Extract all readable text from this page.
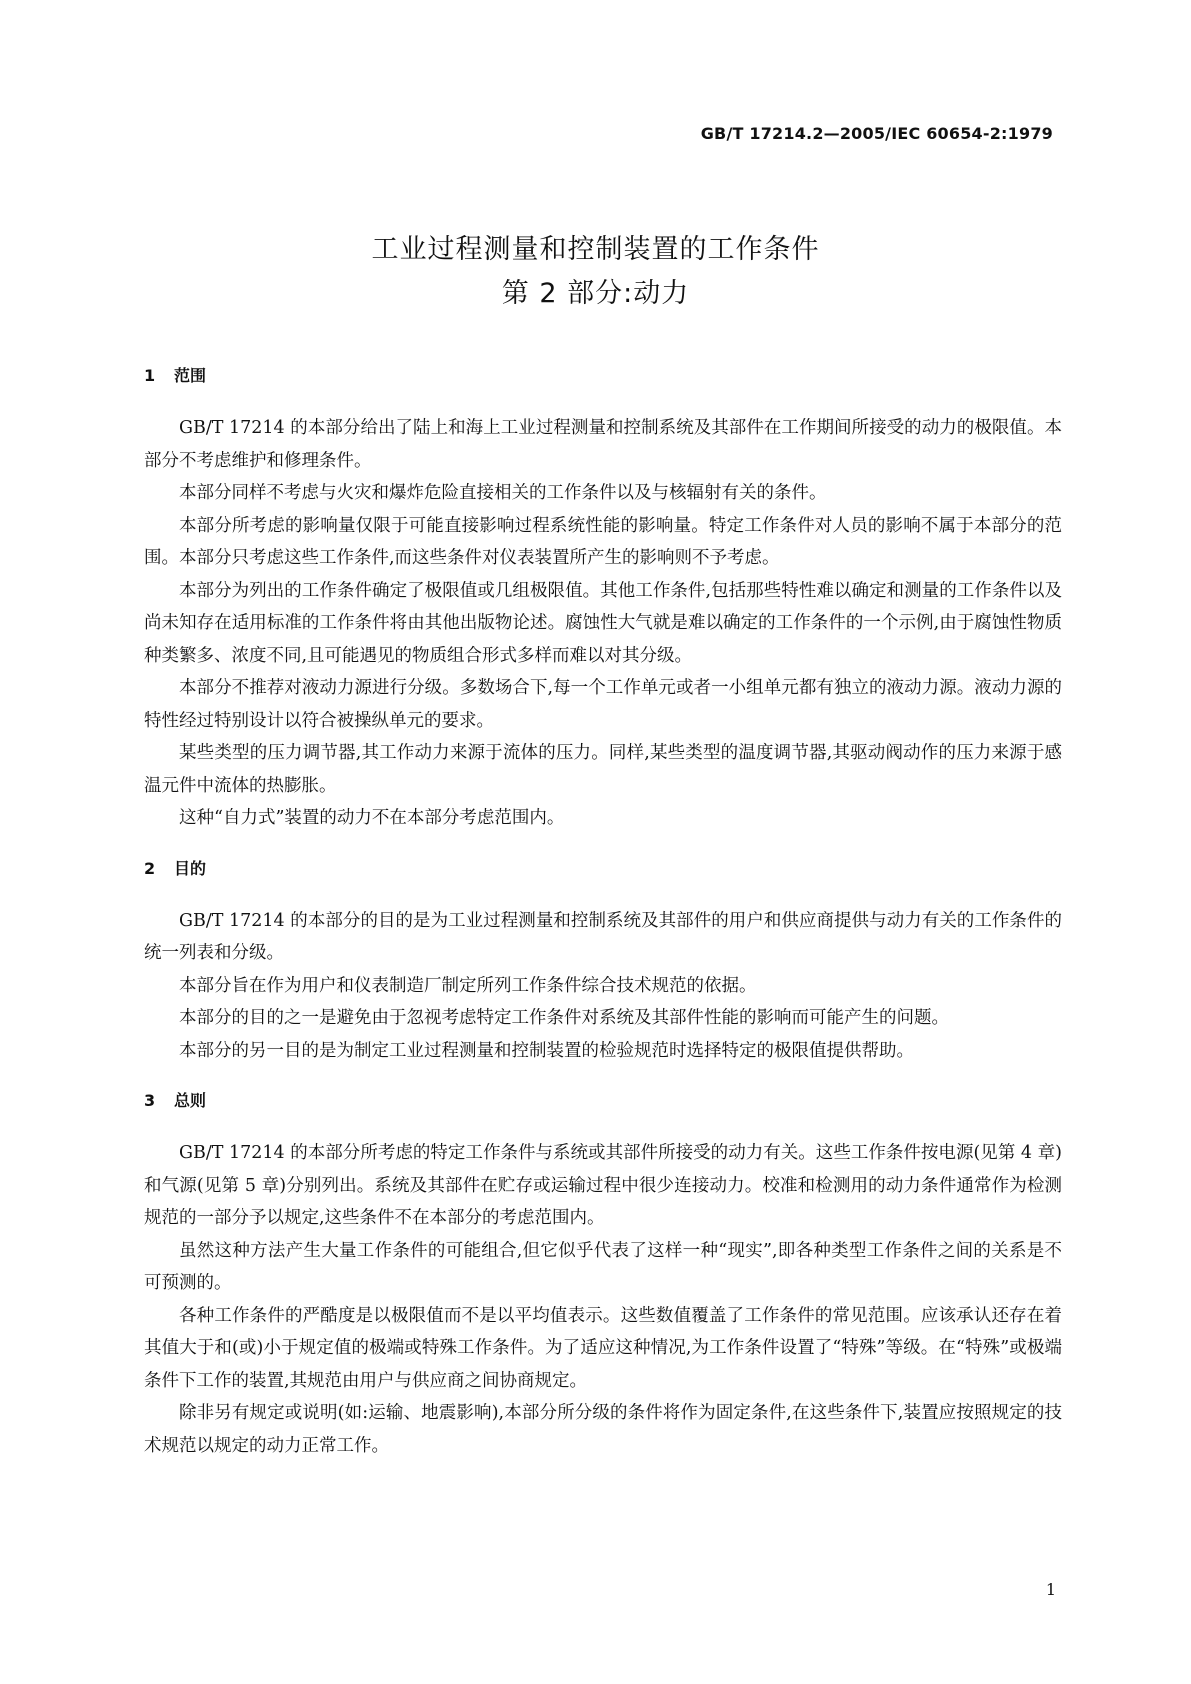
GB/T 17214.2—2005/IEC 60654-2:1979
工业过程测量和控制装置的工作条件
第 2 部分:动力
1 范围

GB/T 17214 的本部分给出了陆上和海上工业过程测量和控制系统及其部件在工作期间所接受的动力的极限值。本部分不考虑维护和修理条件。

本部分同样不考虑与火灾和爆炸危险直接相关的工作条件以及与核辐射有关的条件。

本部分所考虑的影响量仅限于可能直接影响过程系统性能的影响量。特定工作条件对人员的影响不属于本部分的范围。本部分只考虑这些工作条件,而这些条件对仪表装置所产生的影响则不予考虑。

本部分为列出的工作条件确定了极限值或几组极限值。其他工作条件,包括那些特性难以确定和测量的工作条件以及尚未知存在适用标准的工作条件将由其他出版物论述。腐蚀性大气就是难以确定的工作条件的一个示例,由于腐蚀性物质种类繁多、浓度不同,且可能遇见的物质组合形式多样而难以对其分级。

本部分不推荐对液动力源进行分级。多数场合下,每一个工作单元或者一小组单元都有独立的液动力源。液动力源的特性经过特别设计以符合被操纵单元的要求。

某些类型的压力调节器,其工作动力来源于流体的压力。同样,某些类型的温度调节器,其驱动阀动作的压力来源于感温元件中流体的热膨胀。

这种“自力式”装置的动力不在本部分考虑范围内。

2 目的

GB/T 17214 的本部分的目的是为工业过程测量和控制系统及其部件的用户和供应商提供与动力有关的工作条件的统一列表和分级。

本部分旨在作为用户和仪表制造厂制定所列工作条件综合技术规范的依据。

本部分的目的之一是避免由于忽视考虑特定工作条件对系统及其部件性能的影响而可能产生的问题。

本部分的另一目的是为制定工业过程测量和控制装置的检验规范时选择特定的极限值提供帮助。

3 总则

GB/T 17214 的本部分所考虑的特定工作条件与系统或其部件所接受的动力有关。这些工作条件按电源(见第 4 章)和气源(见第 5 章)分别列出。系统及其部件在贮存或运输过程中很少连接动力。校准和检测用的动力条件通常作为检测规范的一部分予以规定,这些条件不在本部分的考虑范围内。

虽然这种方法产生大量工作条件的可能组合,但它似乎代表了这样一种“现实”,即各种类型工作条件之间的关系是不可预测的。

各种工作条件的严酷度是以极限值而不是以平均值表示。这些数值覆盖了工作条件的常见范围。应该承认还存在着其值大于和(或)小于规定值的极端或特殊工作条件。为了适应这种情况,为工作条件设置了“特殊”等级。在“特殊”或极端条件下工作的装置,其规范由用户与供应商之间协商规定。

除非另有规定或说明(如:运输、地震影响),本部分所分级的条件将作为固定条件,在这些条件下,装置应按照规定的技术规范以规定的动力正常工作。

1
